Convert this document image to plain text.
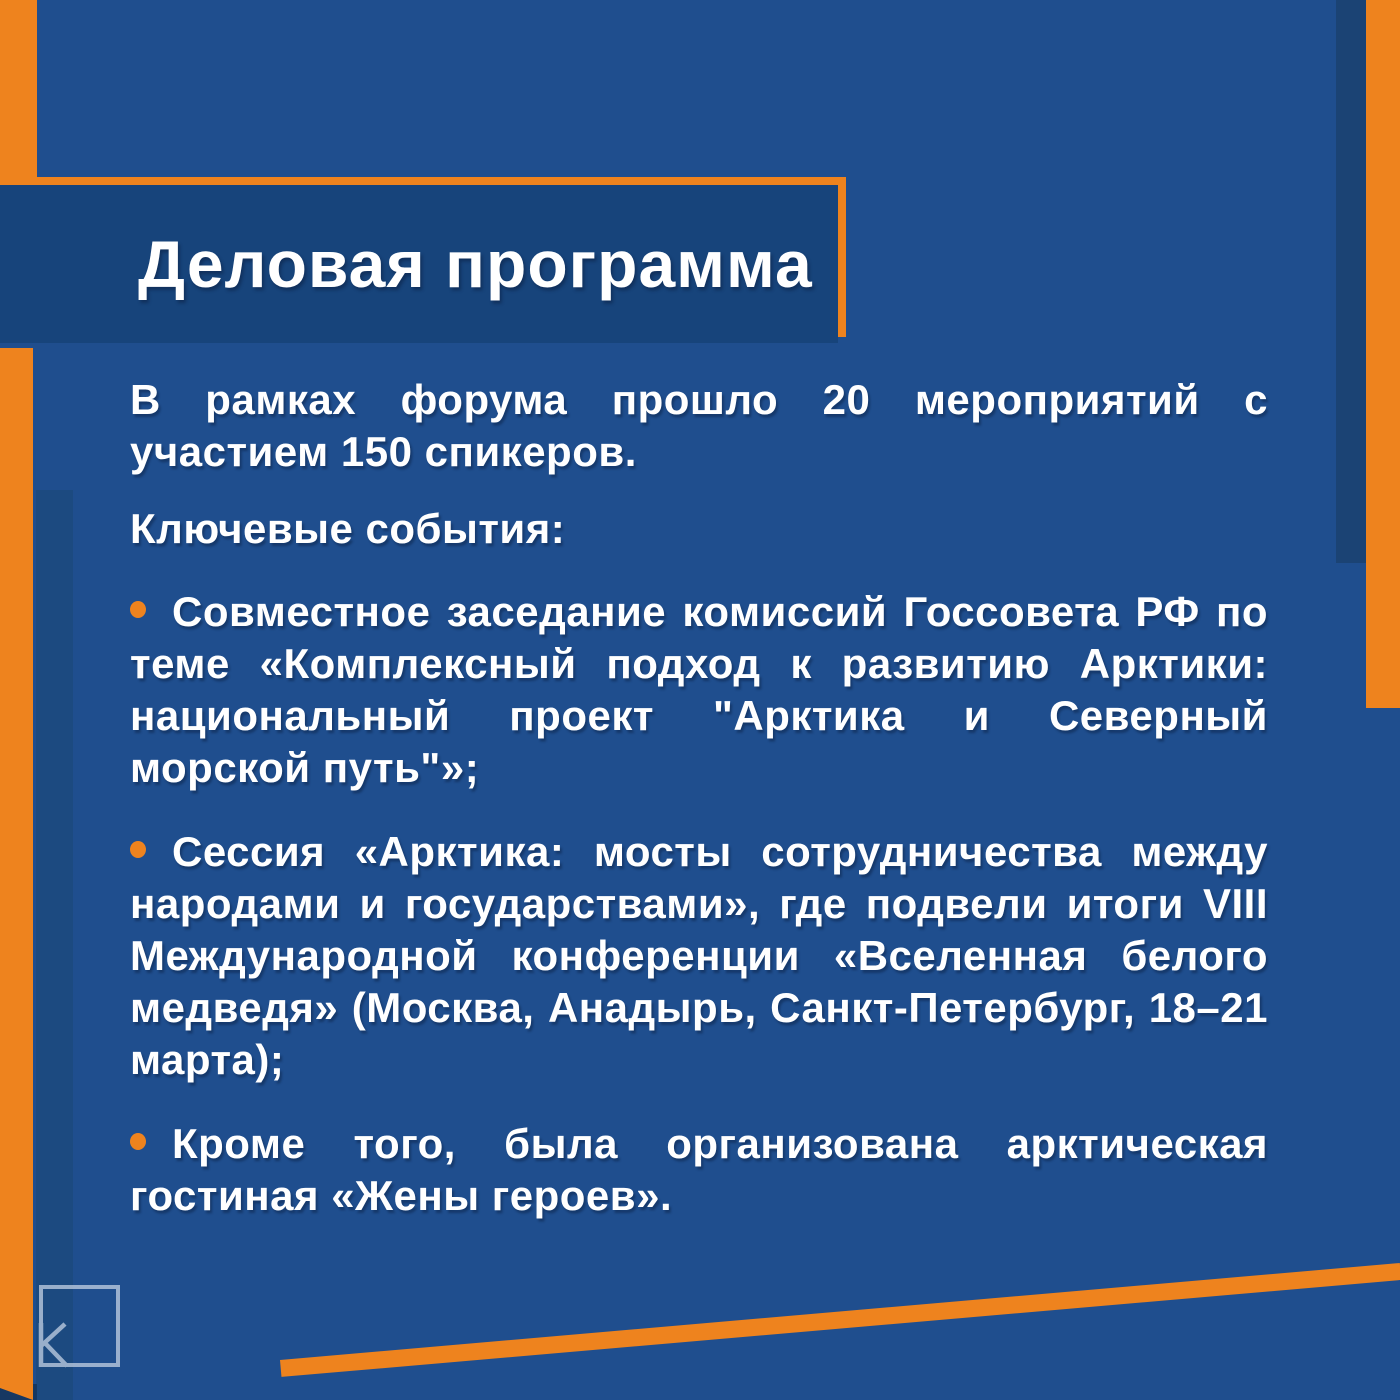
Деловая программа

В рамках форума прошло 20 мероприятий с участием 150 спикеров.

Ключевые события:

Совместное заседание комиссий Госсовета РФ по теме «Комплексный подход к развитию Арктики: национальный проект "Арктика и Северный морской путь"»;

Сессия «Арктика: мосты сотрудничества между народами и государствами», где подвели итоги VIII Международной конференции «Вселенная белого медведя» (Москва, Анадырь, Санкт-Петербург, 18–21 марта);

Кроме того, была организована арктическая гостиная «Жены героев».
